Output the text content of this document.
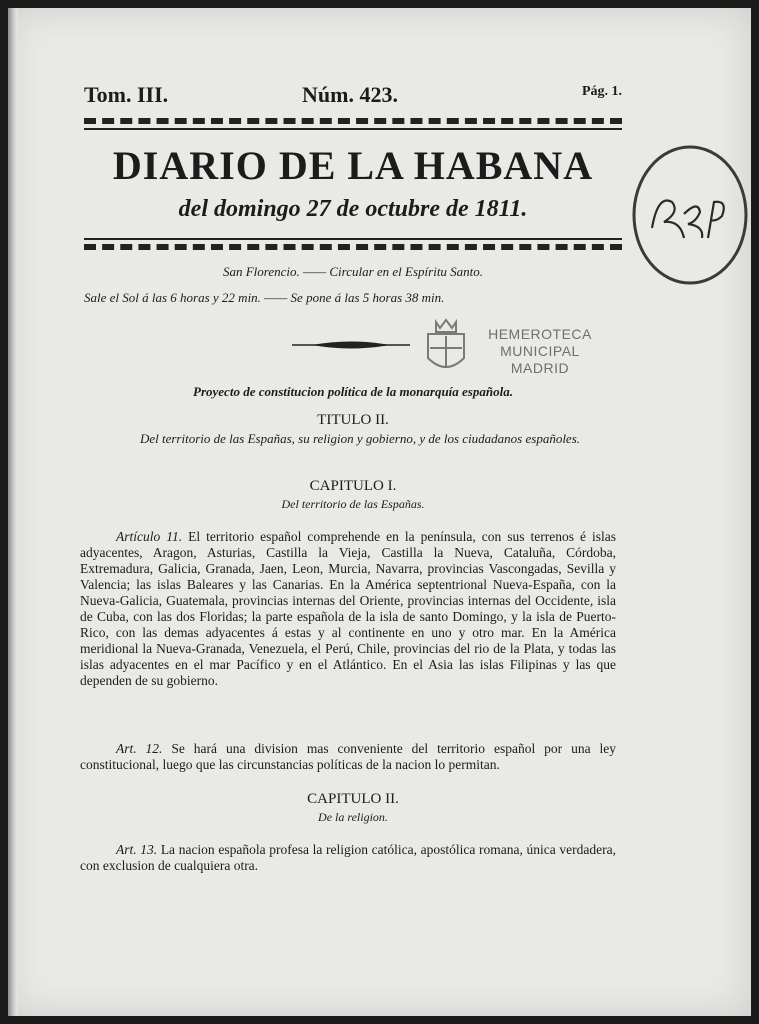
Tom. III.	Núm. 423.	Pág. 1.
DIARIO DE LA HABANA
del domingo 27 de octubre de 1811.
San Florencio. —— Circular en el Espíritu Santo.
Sale el Sol á las 6 horas y 22 min. —— Se pone á las 5 horas 38 min.
HEMEROTECA
MUNICIPAL
MADRID
Proyecto de constitucion política de la monarquía española.
TITULO II.
Del territorio de las Españas, su religion y gobierno, y de los ciudadanos españoles.
CAPITULO I.
Del territorio de las Españas.

Artículo 11. El territorio español comprehende en la península, con sus terrenos é islas adyacentes, Aragon, Asturias, Castilla la Vieja, Castilla la Nueva, Cataluña, Córdoba, Extremadura, Galicia, Granada, Jaen, Leon, Murcia, Navarra, provincias Vascongadas, Sevilla y Valencia; las islas Baleares y las Canarias. En la América septentrional Nueva-España, con la Nueva-Galicia, Guatemala, provincias internas del Oriente, provincias internas del Occidente, isla de Cuba, con las dos Floridas; la parte española de la isla de santo Domingo, y la isla de Puerto-Rico, con las demas adyacentes á estas y al continente en uno y otro mar. En la América meridional la Nueva-Granada, Venezuela, el Perú, Chile, provincias del rio de la Plata, y todas las islas adyacentes en el mar Pacífico y en el Atlántico. En el Asia las islas Filipinas y las que dependen de su gobierno.

Art. 12. Se hará una division mas conveniente del territorio español por una ley constitucional, luego que las circunstancias políticas de la nacion lo permitan.

CAPITULO II.
De la religion.

Art. 13. La nacion española profesa la religion católica, apostólica romana, única verdadera, con exclusion de cualquiera otra.
